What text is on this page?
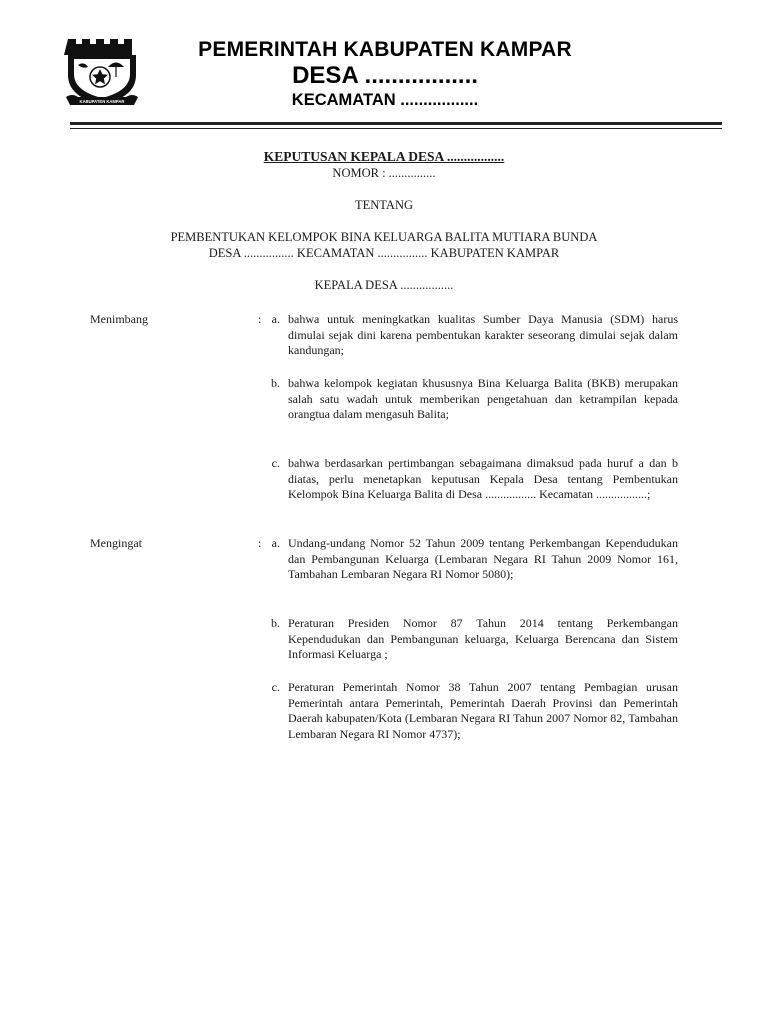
KABUPATEN KAMPAR
PEMERINTAH KABUPATEN KAMPAR
DESA .................
KECAMATAN .................
KEPUTUSAN KEPALA DESA .................
NOMOR : ...............
TENTANG
PEMBENTUKAN KELOMPOK BINA KELUARGA BALITA MUTIARA BUNDA
DESA ................ KECAMATAN ................ KABUPATEN KAMPAR
KEPALA DESA .................
Menimbang	: a. bahwa untuk meningkatkan kualitas Sumber Daya Manusia (SDM) harus dimulai sejak dini karena pembentukan karakter seseorang dimulai sejak dalam kandungan;

b. bahwa kelompok kegiatan khususnya Bina Keluarga Balita (BKB) merupakan salah satu wadah untuk memberikan pengetahuan dan ketrampilan kepada orangtua dalam mengasuh Balita;

c. bahwa berdasarkan pertimbangan sebagaimana dimaksud pada huruf a dan b diatas, perlu menetapkan keputusan Kepala Desa tentang Pembentukan Kelompok Bina Keluarga Balita di Desa ................. Kecamatan .................;

Mengingat	: a. Undang-undang Nomor 52 Tahun 2009 tentang Perkembangan Kependudukan dan Pembangunan Keluarga (Lembaran Negara RI Tahun 2009 Nomor 161, Tambahan Lembaran Negara RI Nomor 5080);

b. Peraturan Presiden Nomor 87 Tahun 2014 tentang Perkembangan Kependudukan dan Pembangunan keluarga, Keluarga Berencana dan Sistem Informasi Keluarga ;

c. Peraturan Pemerintah Nomor 38 Tahun 2007 tentang Pembagian urusan Pemerintah antara Pemerintah, Pemerintah Daerah Provinsi dan Pemerintah Daerah kabupaten/Kota (Lembaran Negara RI Tahun 2007 Nomor 82, Tambahan Lembaran Negara RI Nomor 4737);
